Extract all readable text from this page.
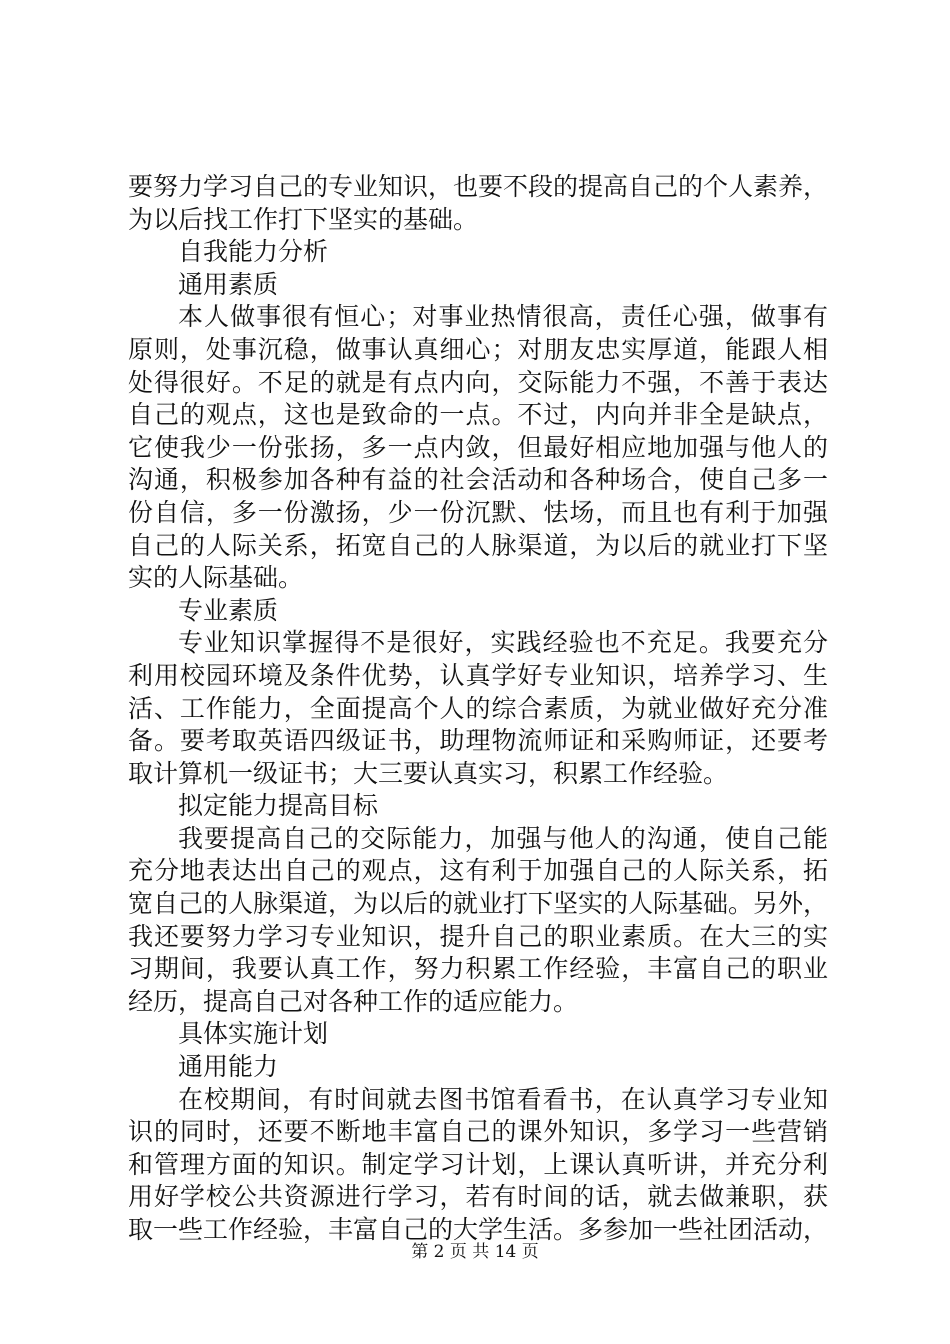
要努力学习自己的专业知识，也要不段的提高自己的个人素养，
为以后找工作打下坚实的基础。
自我能力分析
通用素质
本人做事很有恒心；对事业热情很高，责任心强，做事有
原则，处事沉稳，做事认真细心；对朋友忠实厚道，能跟人相
处得很好。不足的就是有点内向，交际能力不强，不善于表达
自己的观点，这也是致命的一点。不过，内向并非全是缺点，
它使我少一份张扬，多一点内敛，但最好相应地加强与他人的
沟通，积极参加各种有益的社会活动和各种场合，使自己多一
份自信，多一份激扬，少一份沉默、怯场，而且也有利于加强
自己的人际关系，拓宽自己的人脉渠道，为以后的就业打下坚
实的人际基础。
专业素质
专业知识掌握得不是很好，实践经验也不充足。我要充分
利用校园环境及条件优势，认真学好专业知识，培养学习、生
活、工作能力，全面提高个人的综合素质，为就业做好充分准
备。要考取英语四级证书，助理物流师证和采购师证，还要考
取计算机一级证书；大三要认真实习，积累工作经验。
拟定能力提高目标
我要提高自己的交际能力，加强与他人的沟通，使自己能
充分地表达出自己的观点，这有利于加强自己的人际关系，拓
宽自己的人脉渠道，为以后的就业打下坚实的人际基础。另外，
我还要努力学习专业知识，提升自己的职业素质。在大三的实
习期间，我要认真工作，努力积累工作经验，丰富自己的职业
经历，提高自己对各种工作的适应能力。
具体实施计划
通用能力
在校期间，有时间就去图书馆看看书，在认真学习专业知
识的同时，还要不断地丰富自己的课外知识，多学习一些营销
和管理方面的知识。制定学习计划，上课认真听讲，并充分利
用好学校公共资源进行学习，若有时间的话，就去做兼职，获
取一些工作经验，丰富自己的大学生活。多参加一些社团活动，
第 2 页 共 14 页
